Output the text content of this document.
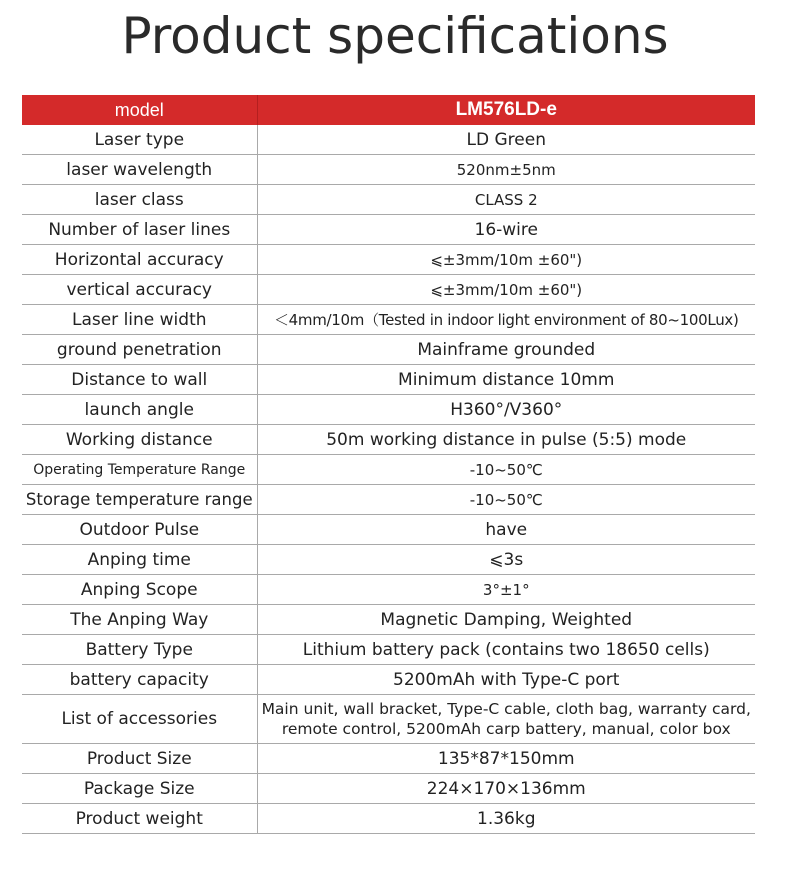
Product specifications
model	LM576LD-e
Laser type	LD Green
laser wavelength	520nm±5nm
laser class	CLASS 2
Number of laser lines	16-wire
Horizontal accuracy	⩽±3mm/10m ±60")
vertical accuracy	⩽±3mm/10m ±60")
Laser line width	＜4mm/10m（Tested in indoor light environment of 80~100Lux)
ground penetration	Mainframe grounded
Distance to wall	Minimum distance 10mm
launch angle	H360°/V360°
Working distance	50m working distance in pulse (5:5) mode
Operating Temperature Range	-10~50℃
Storage temperature range	-10~50℃
Outdoor Pulse	have
Anping time	⩽3s
Anping Scope	3°±1°
The Anping Way	Magnetic Damping, Weighted
Battery Type	Lithium battery pack (contains two 18650 cells)
battery capacity	5200mAh with Type-C port
List of accessories	Main unit, wall bracket, Type-C cable, cloth bag, warranty card, remote control, 5200mAh carp battery, manual, color box
Product Size	135*87*150mm
Package Size	224×170×136mm
Product weight	1.36kg
